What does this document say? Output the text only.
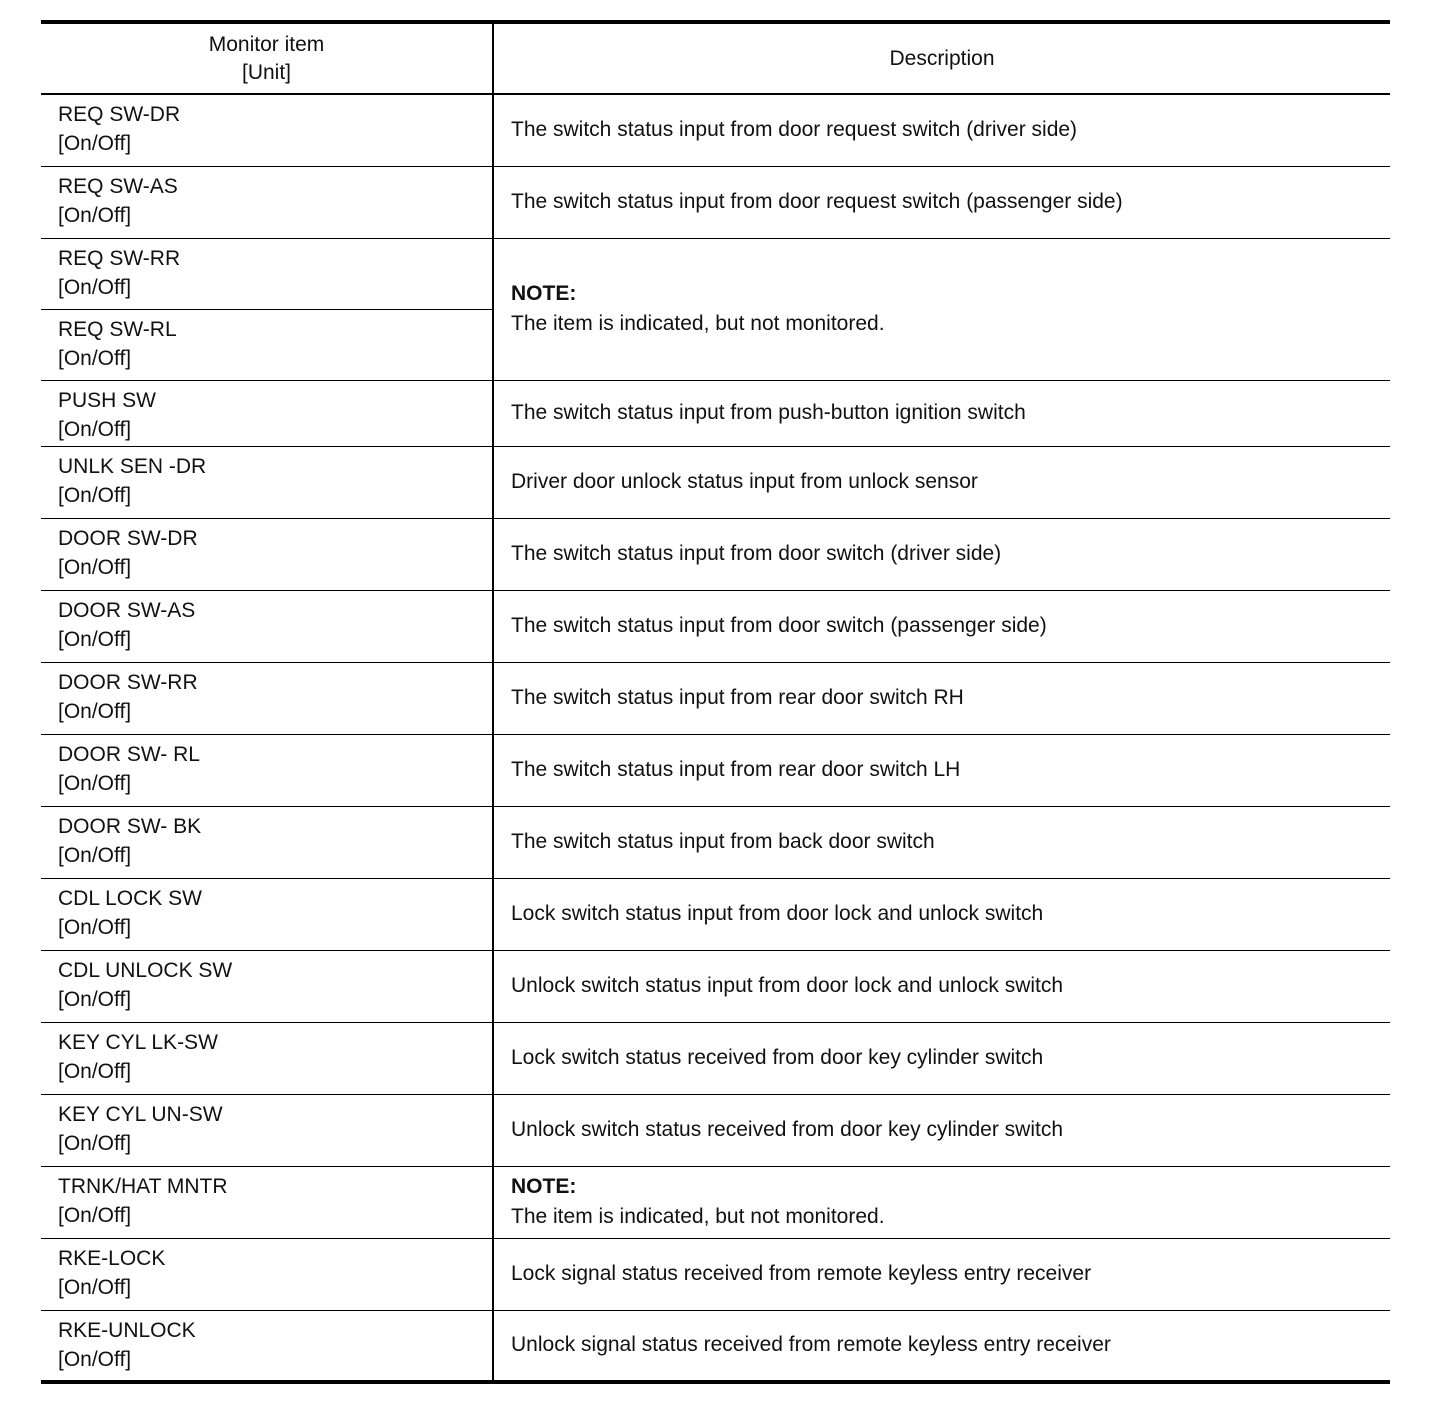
Monitor item
[Unit]	Description

REQ SW-DR
[On/Off]	The switch status input from door request switch (driver side)

REQ SW-AS
[On/Off]	The switch status input from door request switch (passenger side)

REQ SW-RR
[On/Off]	NOTE:
The item is indicated, but not monitored.

REQ SW-RL
[On/Off]	

PUSH SW
[On/Off]	The switch status input from push-button ignition switch

UNLK SEN -DR
[On/Off]	Driver door unlock status input from unlock sensor

DOOR SW-DR
[On/Off]	The switch status input from door switch (driver side)

DOOR SW-AS
[On/Off]	The switch status input from door switch (passenger side)

DOOR SW-RR
[On/Off]	The switch status input from rear door switch RH

DOOR SW- RL
[On/Off]	The switch status input from rear door switch LH

DOOR SW- BK
[On/Off]	The switch status input from back door switch

CDL LOCK SW
[On/Off]	Lock switch status input from door lock and unlock switch

CDL UNLOCK SW
[On/Off]	Unlock switch status input from door lock and unlock switch

KEY CYL LK-SW
[On/Off]	Lock switch status received from door key cylinder switch

KEY CYL UN-SW
[On/Off]	Unlock switch status received from door key cylinder switch

TRNK/HAT MNTR
[On/Off]	NOTE:
The item is indicated, but not monitored.

RKE-LOCK
[On/Off]	Lock signal status received from remote keyless entry receiver

RKE-UNLOCK
[On/Off]	Unlock signal status received from remote keyless entry receiver
